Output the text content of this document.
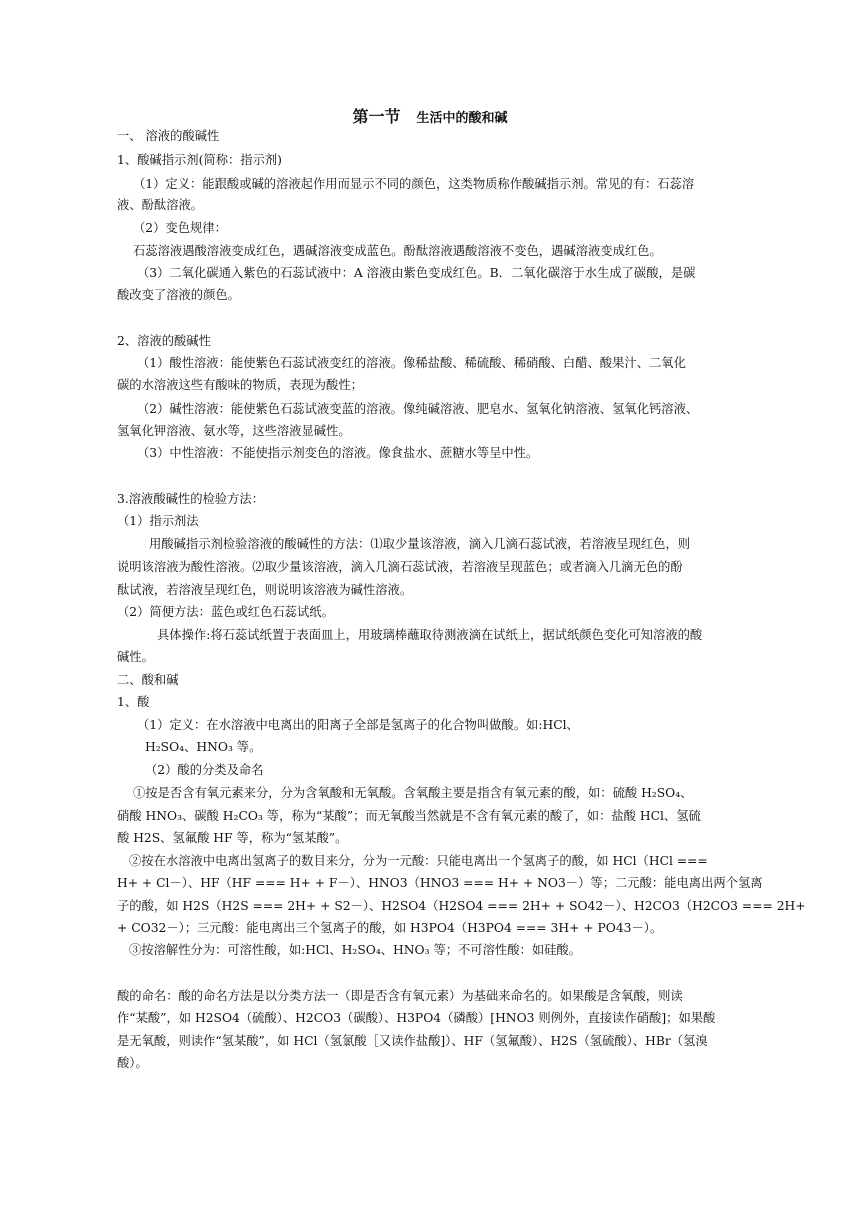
第一节 生活中的酸和碱
一、 溶液的酸碱性
1、酸碱指示剂(简称：指示剂)
（1）定义：能跟酸或碱的溶液起作用而显示不同的颜色，这类物质称作酸碱指示剂。常见的有：石蕊溶
液、酚酞溶液。
（2）变色规律：
石蕊溶液遇酸溶液变成红色，遇碱溶液变成蓝色。酚酞溶液遇酸溶液不变色，遇碱溶液变成红色。
（3）二氧化碳通入紫色的石蕊试液中：A 溶液由紫色变成红色。B．二氧化碳溶于水生成了碳酸，是碳
酸改变了溶液的颜色。
2、溶液的酸碱性
（1）酸性溶液：能使紫色石蕊试液变红的溶液。像稀盐酸、稀硫酸、稀硝酸、白醋、酸果汁、二氧化
碳的水溶液这些有酸味的物质，表现为酸性；
（2）碱性溶液：能使紫色石蕊试液变蓝的溶液。像纯碱溶液、肥皂水、氢氧化钠溶液、氢氧化钙溶液、
氢氧化钾溶液、氨水等，这些溶液显碱性。
（3）中性溶液：不能使指示剂变色的溶液。像食盐水、蔗糖水等呈中性。
3.溶液酸碱性的检验方法：
（1）指示剂法
用酸碱指示剂检验溶液的酸碱性的方法：⑴取少量该溶液，滴入几滴石蕊试液，若溶液呈现红色，则
说明该溶液为酸性溶液。⑵取少量该溶液，滴入几滴石蕊试液，若溶液呈现蓝色；或者滴入几滴无色的酚
酞试液，若溶液呈现红色，则说明该溶液为碱性溶液。
（2）简便方法：蓝色或红色石蕊试纸。
具体操作:将石蕊试纸置于表面皿上，用玻璃棒蘸取待测液滴在试纸上，据试纸颜色变化可知溶液的酸
碱性。
二、酸和碱
1、酸
（1）定义：在水溶液中电离出的阳离子全部是氢离子的化合物叫做酸。如:HCl、
H₂SO₄、HNO₃ 等。
（2）酸的分类及命名
①按是否含有氧元素来分，分为含氧酸和无氧酸。含氧酸主要是指含有氧元素的酸，如：硫酸 H₂SO₄、
硝酸 HNO₃、碳酸 H₂CO₃ 等，称为“某酸”；而无氧酸当然就是不含有氧元素的酸了，如：盐酸 HCl、氢硫
酸 H2S、氢氟酸 HF 等，称为“氢某酸”。
②按在水溶液中电离出氢离子的数目来分，分为一元酸：只能电离出一个氢离子的酸，如 HCl（HCl ===
H+ + Cl－）、HF（HF === H+ + F－）、HNO3（HNO3 === H+ + NO3－）等；二元酸：能电离出两个氢离
子的酸，如 H2S（H2S === 2H+ + S2－）、H2SO4（H2SO4 === 2H+ + SO42－）、H2CO3（H2CO3 === 2H+
+ CO32－）；三元酸：能电离出三个氢离子的酸，如 H3PO4（H3PO4 === 3H+ + PO43－）。
③按溶解性分为：可溶性酸，如:HCl、H₂SO₄、HNO₃ 等；不可溶性酸：如硅酸。
酸的命名：酸的命名方法是以分类方法一（即是否含有氧元素）为基础来命名的。如果酸是含氧酸，则读
作“某酸”，如 H2SO4（硫酸）、H2CO3（碳酸）、H3PO4（磷酸）[HNO3 则例外，直接读作硝酸]；如果酸
是无氧酸，则读作“氢某酸”，如 HCl（氢氯酸［又读作盐酸]）、HF（氢氟酸）、H2S（氢硫酸）、HBr（氢溴
酸）。
